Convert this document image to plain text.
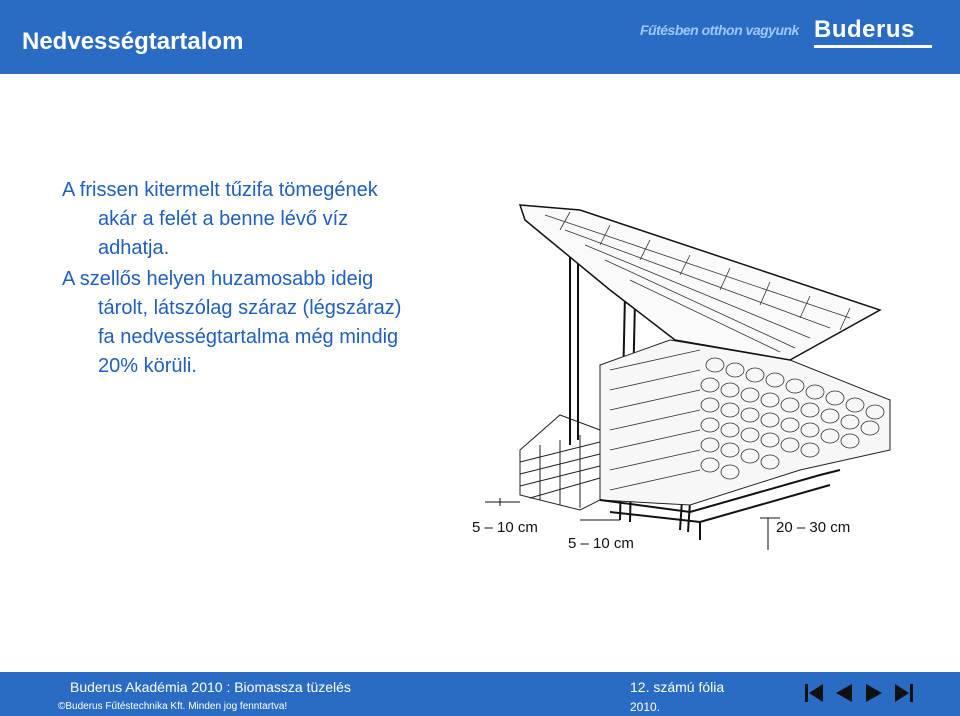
Nedvességtartalom	Fűtésben otthon vagyunk Buderus

A frissen kitermelt tűzifa tömegének
akár a felét a benne lévő víz
adhatja.

A szellős helyen huzamosabb ideig
tárolt, látszólag száraz (légszáraz)
fa nedvességtartalma még mindig
20% körüli.

5 – 10 cm
5 – 10 cm
20 – 30 cm
Buderus Akadémia 2010 : Biomassza tüzelés	12. számú fólia
©Buderus Fűtéstechnika Kft. Minden jog fenntartva!	2010.
